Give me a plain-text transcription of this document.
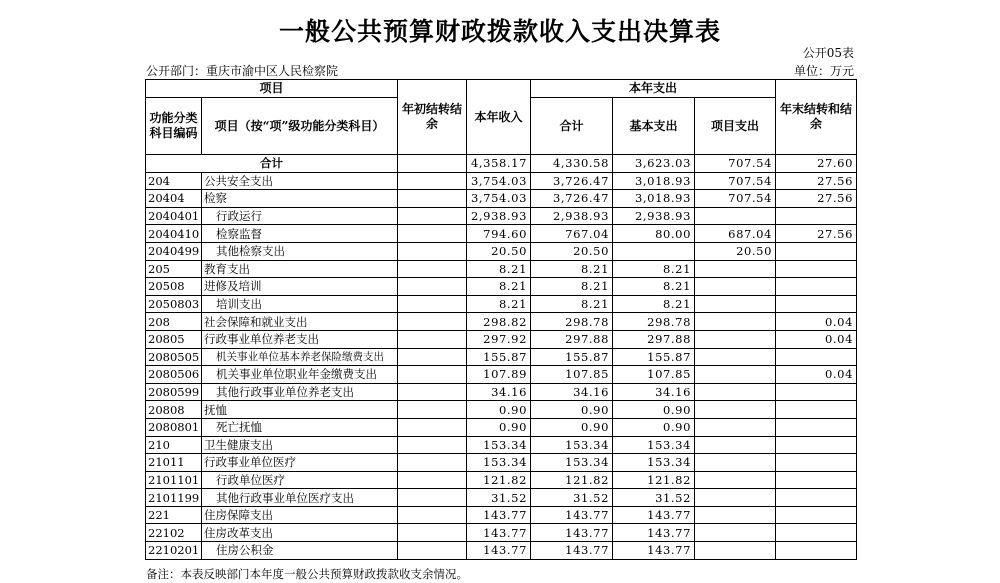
一般公共预算财政拨款收入支出决算表
公开05表
公开部门：重庆市渝中区人民检察院	单位：万元
项目		年初结转结余	本年收入	本年支出			年末结转和结余
功能分类科目编码	项目（按“项”级功能分类科目）			合计	基本支出	项目支出	

合计			4,358.17	4,330.58	3,623.03	707.54	27.60
204	公共安全支出		3,754.03	3,726.47	3,018.93	707.54	27.56
20404	检察		3,754.03	3,726.47	3,018.93	707.54	27.56
2040401	行政运行		2,938.93	2,938.93	2,938.93		
2040410	检察监督		794.60	767.04	80.00	687.04	27.56
2040499	其他检察支出		20.50	20.50		20.50	
205	教育支出		8.21	8.21	8.21		
20508	进修及培训		8.21	8.21	8.21		
2050803	培训支出		8.21	8.21	8.21		
208	社会保障和就业支出		298.82	298.78	298.78		0.04
20805	行政事业单位养老支出		297.92	297.88	297.88		0.04
2080505	机关事业单位基本养老保险缴费支出		155.87	155.87	155.87		
2080506	机关事业单位职业年金缴费支出		107.89	107.85	107.85		0.04
2080599	其他行政事业单位养老支出		34.16	34.16	34.16		
20808	抚恤		0.90	0.90	0.90		
2080801	死亡抚恤		0.90	0.90	0.90		
210	卫生健康支出		153.34	153.34	153.34		
21011	行政事业单位医疗		153.34	153.34	153.34		
2101101	行政单位医疗		121.82	121.82	121.82		
2101199	其他行政事业单位医疗支出		31.52	31.52	31.52		
221	住房保障支出		143.77	143.77	143.77		
22102	住房改革支出		143.77	143.77	143.77		
2210201	住房公积金		143.77	143.77	143.77		
备注：本表反映部门本年度一般公共预算财政拨款收支余情况。
